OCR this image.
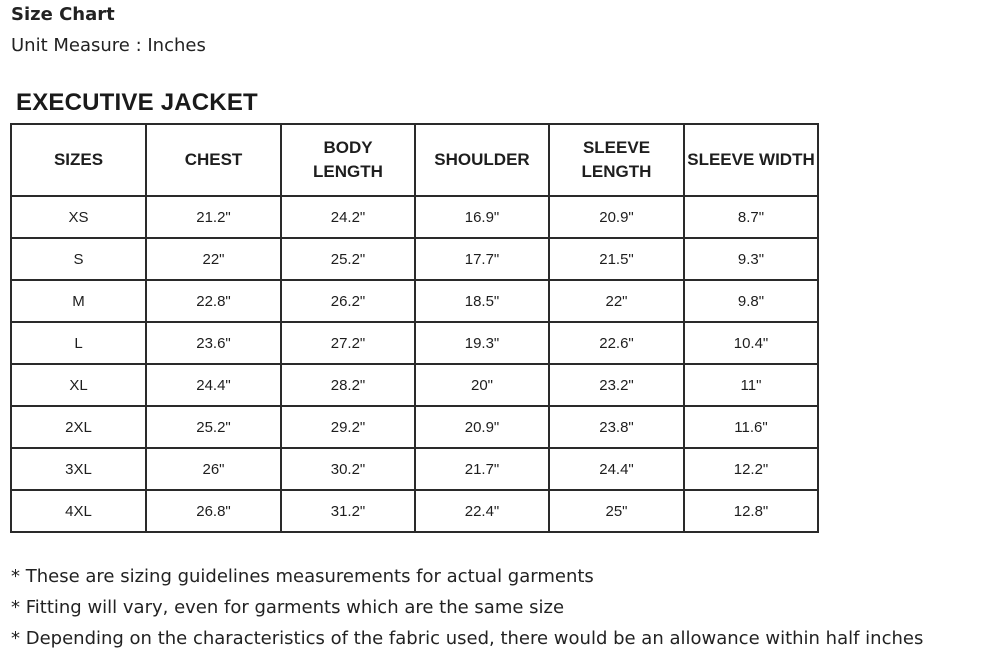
Size Chart
Unit Measure : Inches
EXECUTIVE JACKET
SIZES	CHEST	BODY LENGTH	SHOULDER	SLEEVE LENGTH	SLEEVE WIDTH
XS	21.2"	24.2"	16.9"	20.9"	8.7"
S	22"	25.2"	17.7"	21.5"	9.3"
M	22.8"	26.2"	18.5"	22"	9.8"
L	23.6"	27.2"	19.3"	22.6"	10.4"
XL	24.4"	28.2"	20"	23.2"	11"
2XL	25.2"	29.2"	20.9"	23.8"	11.6"
3XL	26"	30.2"	21.7"	24.4"	12.2"
4XL	26.8"	31.2"	22.4"	25"	12.8"
* These are sizing guidelines measurements for actual garments
* Fitting will vary, even for garments which are the same size
* Depending on the characteristics of the fabric used, there would be an allowance within half inches
